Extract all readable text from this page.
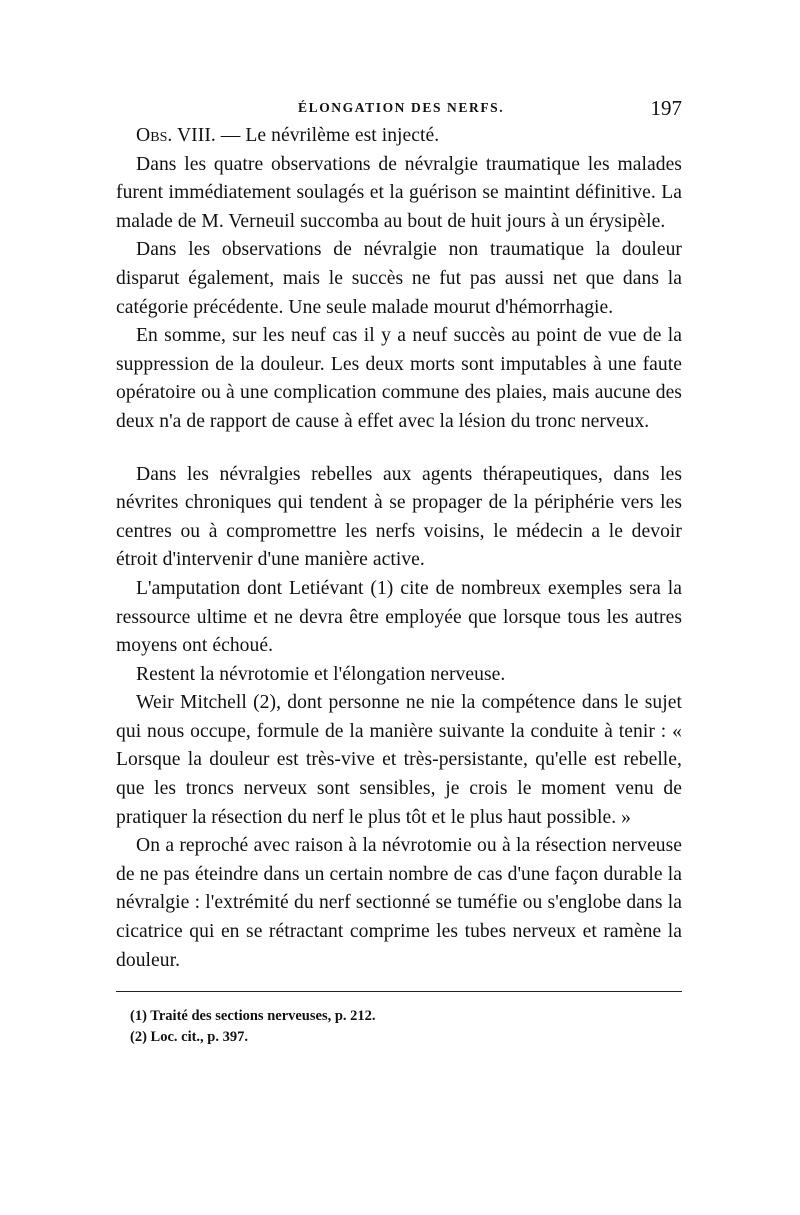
ÉLONGATION DES NERFS.	197

Obs. VIII. — Le névrilème est injecté.

Dans les quatre observations de névralgie traumatique les malades furent immédiatement soulagés et la guérison se maintint définitive. La malade de M. Verneuil succomba au bout de huit jours à un érysipèle.

Dans les observations de névralgie non traumatique la douleur disparut également, mais le succès ne fut pas aussi net que dans la catégorie précédente. Une seule malade mourut d'hémorrhagie.

En somme, sur les neuf cas il y a neuf succès au point de vue de la suppression de la douleur. Les deux morts sont imputables à une faute opératoire ou à une complication commune des plaies, mais aucune des deux n'a de rapport de cause à effet avec la lésion du tronc nerveux.

Dans les névralgies rebelles aux agents thérapeutiques, dans les névrites chroniques qui tendent à se propager de la périphérie vers les centres ou à compromettre les nerfs voisins, le médecin a le devoir étroit d'intervenir d'une manière active.

L'amputation dont Letiévant (1) cite de nombreux exemples sera la ressource ultime et ne devra être employée que lorsque tous les autres moyens ont échoué.

Restent la névrotomie et l'élongation nerveuse.

Weir Mitchell (2), dont personne ne nie la compétence dans le sujet qui nous occupe, formule de la manière suivante la conduite à tenir : « Lorsque la douleur est très-vive et très-persistante, qu'elle est rebelle, que les troncs nerveux sont sensibles, je crois le moment venu de pratiquer la résection du nerf le plus tôt et le plus haut possible. »

On a reproché avec raison à la névrotomie ou à la résection nerveuse de ne pas éteindre dans un certain nombre de cas d'une façon durable la névralgie : l'extrémité du nerf sectionné se tuméfie ou s'englobe dans la cicatrice qui en se rétractant comprime les tubes nerveux et ramène la douleur.

(1) Traité des sections nerveuses, p. 212.

(2) Loc. cit., p. 397.
